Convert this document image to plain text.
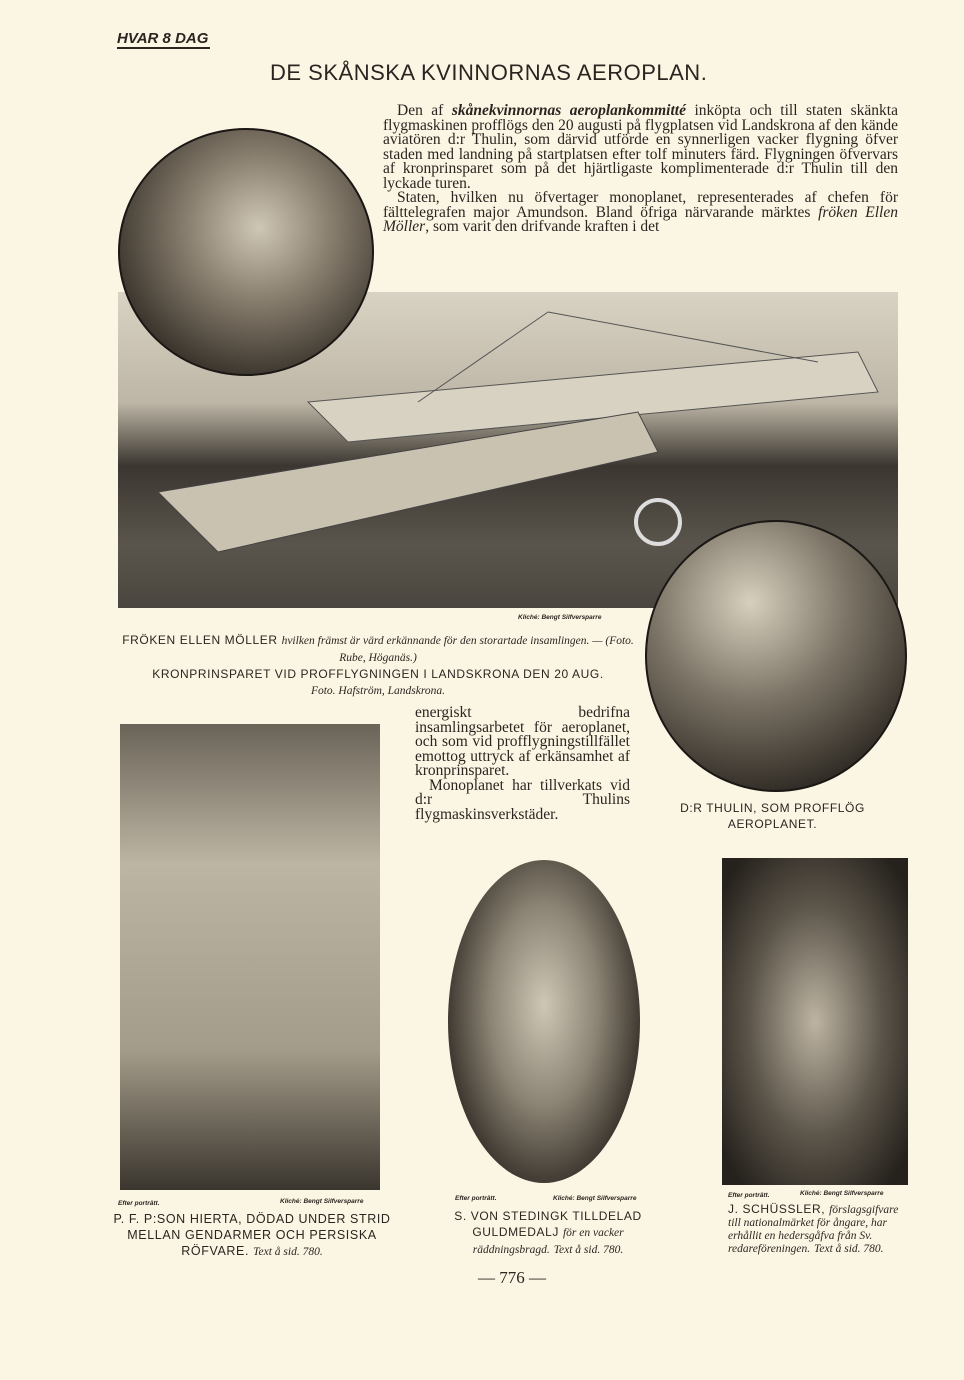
HVAR 8 DAG
DE SKÅNSKA KVINNORNAS AEROPLAN.

Den af skånekvinnornas aeroplankommitté inköpta och till staten skänkta flygmaskinen profflögs den 20 augusti på flygplatsen vid Landskrona af den kände aviatören d:r Thulin, som därvid utförde en synnerligen vacker flygning öfver staden med landning på startplatsen efter tolf minuters färd. Flygningen öfvervars af kronprinsparet som på det hjärtligaste komplimenterade d:r Thulin till den lyckade turen.

Staten, hvilken nu öfvertager monoplanet, representerades af chefen för fälttelegrafen major Amundson. Bland öfriga närvarande märktes fröken Ellen Möller, som varit den drifvande kraften i det

Kliché: Bengt Silfversparre
FRÖKEN ELLEN MÖLLER hvilken främst är värd erkännande för den storartade insamlingen. — (Foto. Rube, Höganäs.)
KRONPRINSPARET VID PROFFLYGNINGEN I LANDSKRONA DEN 20 AUG.
Foto. Hafström, Landskrona.

energiskt bedrifna insamlingsarbetet för aeroplanet, och som vid profflygningstillfället emottog uttryck af erkänsamhet af kronprinsparet.

Monoplanet har tillverkats vid d:r Thulins flygmaskinsverkstäder.	D:R THULIN, SOM PROFFLÖG AEROPLANET.
Efter porträtt.	Kliché: Bengt Silfversparre
P. F. P:SON HIERTA, DÖDAD UNDER STRID MELLAN GENDARMER OCH PERSISKA RÖFVARE. Text å sid. 780.
Efter porträtt.	Kliché: Bengt Silfversparre
S. VON STEDINGK TILLDELAD GULDMEDALJ för en vacker räddningsbragd. Text å sid. 780.
Efter porträtt.	Kliché: Bengt Silfversparre
J. SCHÜSSLER, förslagsgifvare till nationalmärket för ångare, har erhållit en hedersgåfva från Sv. redareföreningen. Text å sid. 780.
— 776 —
